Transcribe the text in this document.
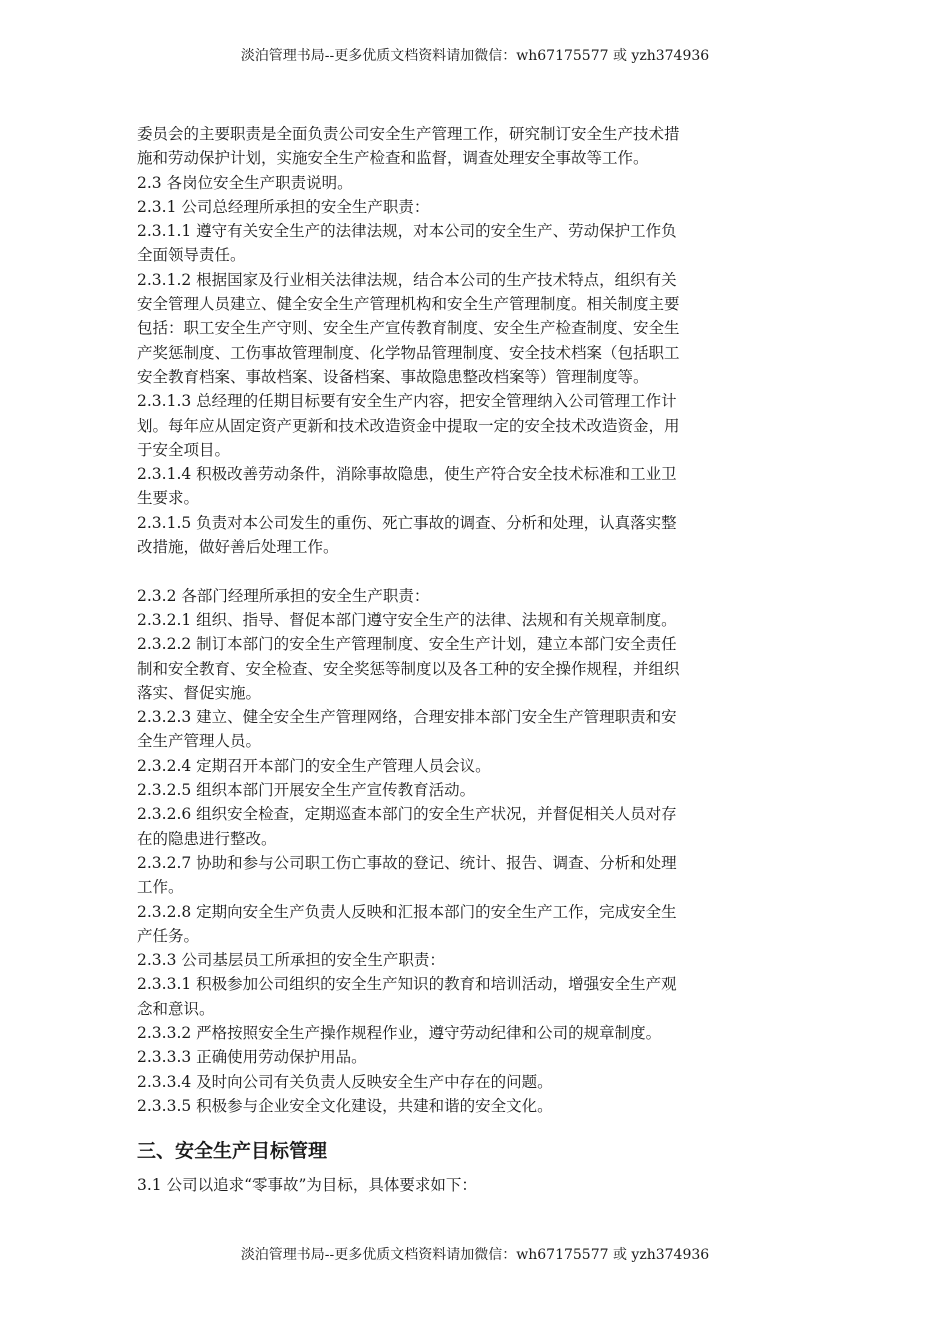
淡泊管理书局--更多优质文档资料请加微信：wh67175577 或 yzh374936
委员会的主要职责是全面负责公司安全生产管理工作，研究制订安全生产技术措
施和劳动保护计划，实施安全生产检查和监督，调查处理安全事故等工作。
2.3 各岗位安全生产职责说明。
2.3.1 公司总经理所承担的安全生产职责：
2.3.1.1 遵守有关安全生产的法律法规，对本公司的安全生产、劳动保护工作负
全面领导责任。
2.3.1.2 根据国家及行业相关法律法规，结合本公司的生产技术特点，组织有关
安全管理人员建立、健全安全生产管理机构和安全生产管理制度。相关制度主要
包括：职工安全生产守则、安全生产宣传教育制度、安全生产检查制度、安全生
产奖惩制度、工伤事故管理制度、化学物品管理制度、安全技术档案（包括职工
安全教育档案、事故档案、设备档案、事故隐患整改档案等）管理制度等。
2.3.1.3 总经理的任期目标要有安全生产内容，把安全管理纳入公司管理工作计
划。每年应从固定资产更新和技术改造资金中提取一定的安全技术改造资金，用
于安全项目。
2.3.1.4 积极改善劳动条件，消除事故隐患，使生产符合安全技术标准和工业卫
生要求。
2.3.1.5 负责对本公司发生的重伤、死亡事故的调查、分析和处理，认真落实整
改措施，做好善后处理工作。
2.3.2 各部门经理所承担的安全生产职责：
2.3.2.1 组织、指导、督促本部门遵守安全生产的法律、法规和有关规章制度。
2.3.2.2 制订本部门的安全生产管理制度、安全生产计划，建立本部门安全责任
制和安全教育、安全检查、安全奖惩等制度以及各工种的安全操作规程，并组织
落实、督促实施。
2.3.2.3 建立、健全安全生产管理网络，合理安排本部门安全生产管理职责和安
全生产管理人员。
2.3.2.4 定期召开本部门的安全生产管理人员会议。
2.3.2.5 组织本部门开展安全生产宣传教育活动。
2.3.2.6 组织安全检查，定期巡查本部门的安全生产状况，并督促相关人员对存
在的隐患进行整改。
2.3.2.7 协助和参与公司职工伤亡事故的登记、统计、报告、调查、分析和处理
工作。
2.3.2.8 定期向安全生产负责人反映和汇报本部门的安全生产工作，完成安全生
产任务。
2.3.3 公司基层员工所承担的安全生产职责：
2.3.3.1 积极参加公司组织的安全生产知识的教育和培训活动，增强安全生产观
念和意识。
2.3.3.2 严格按照安全生产操作规程作业，遵守劳动纪律和公司的规章制度。
2.3.3.3 正确使用劳动保护用品。
2.3.3.4 及时向公司有关负责人反映安全生产中存在的问题。
2.3.3.5 积极参与企业安全文化建设，共建和谐的安全文化。
三、安全生产目标管理
3.1 公司以追求“零事故”为目标，具体要求如下：
淡泊管理书局--更多优质文档资料请加微信：wh67175577 或 yzh374936
